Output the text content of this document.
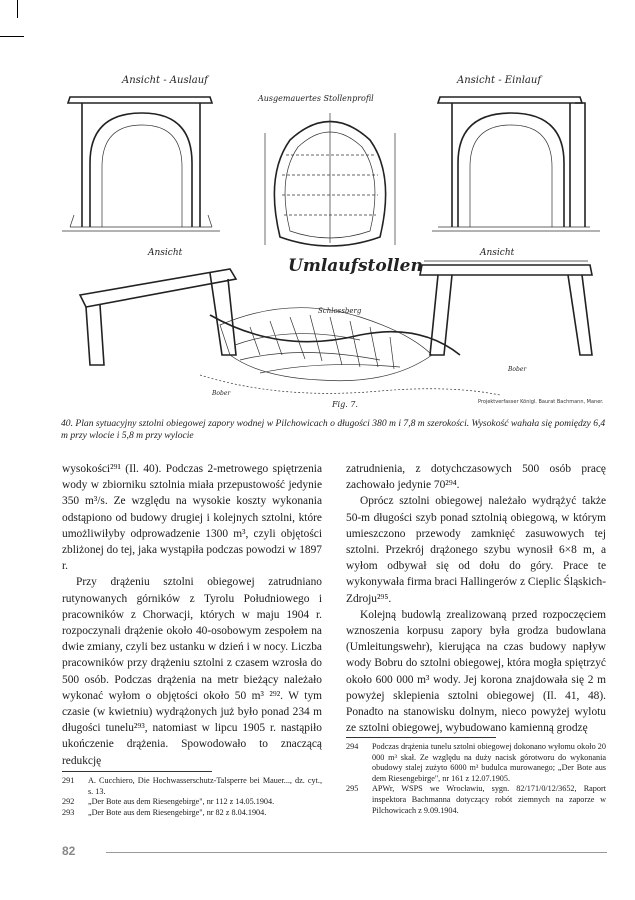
Ansicht - Auslauf
Ausgemauertes Stollenprofil
Ansicht - Einlauf
Ansicht
Umlaufstollen
Ansicht
Schlossberg
Bober
Bober
Projektverfasser Königl. Baurat Bachmann, Maner.
Fig. 7.
40. Plan sytuacyjny sztolni obiegowej zapory wodnej w Pilchowicach o długości 380 m i 7,8 m szerokości. Wysokość wahała się pomiędzy 6,4 m przy wlocie i 5,8 m przy wylocie

wysokości²⁹¹ (Il. 40). Podczas 2-metrowego spiętrzenia wody w zbiorniku sztolnia miała przepustowość jedynie 350 m³/s. Ze względu na wysokie koszty wykonania odstąpiono od budowy drugiej i kolejnych sztolni, które umożliwiłyby odprowadzenie 1300 m³, czyli objętości zbliżonej do tej, jaka wystąpiła podczas powodzi w 1897 r.

Przy drążeniu sztolni obiegowej zatrudniano rutynowanych górników z Tyrolu Południowego i pracowników z Chorwacji, których w maju 1904 r. rozpoczynali drążenie około 40-osobowym zespołem na dwie zmiany, czyli bez ustanku w dzień i w nocy. Liczba pracowników przy drążeniu sztolni z czasem wzrosła do 500 osób. Podczas drążenia na metr bieżący należało wykonać wyłom o objętości około 50 m³ ²⁹². W tym czasie (w kwietniu) wydrążonych już było ponad 234 m długości tunelu²⁹³, natomiast w lipcu 1905 r. nastąpiło ukończenie drążenia. Spowodowało to znaczącą redukcję

zatrudnienia, z dotychczasowych 500 osób pracę zachowało jedynie 70²⁹⁴.

Oprócz sztolni obiegowej należało wydrążyć także 50-m długości szyb ponad sztolnią obiegową, w którym umieszczono przewody zamknięć zasuwowych tej sztolni. Przekrój drążonego szybu wynosił 6×8 m, a wyłom odbywał się od dołu do góry. Prace te wykonywała firma braci Hallingerów z Cieplic Śląskich-Zdroju²⁹⁵.

Kolejną budowlą zrealizowaną przed rozpoczęciem wznoszenia korpusu zapory była grodza budowlana (Umleitungswehr), kierująca na czas budowy napływ wody Bobru do sztolni obiegowej, która mogła spiętrzyć około 600 000 m³ wody. Jej korona znajdowała się 2 m powyżej sklepienia sztolni obiegowej (Il. 41, 48). Ponadto na stanowisku dolnym, nieco powyżej wylotu ze sztolni obiegowej, wybudowano kamienną grodzę

291	A. Cucchiero, Die Hochwasserschutz-Talsperre bei Mauer..., dz. cyt., s. 13.
292	„Der Bote aus dem Riesengebirge", nr 112 z 14.05.1904.
293	„Der Bote aus dem Riesengebirge", nr 82 z 8.04.1904.
294	Podczas drążenia tunelu sztolni obiegowej dokonano wyłomu około 20 000 m³ skał. Ze względu na duży nacisk górotworu do wykonania obudowy stalej zużyto 6000 m³ budulca murowanego; „Der Bote aus dem Riesengebirge", nr 161 z 12.07.1905.
295	APWr, WSPS we Wrocławiu, sygn. 82/171/0/12/3652, Raport inspektora Bachmanna dotyczący robót ziemnych na zaporze w Pilchowicach z 9.09.1904.
82
